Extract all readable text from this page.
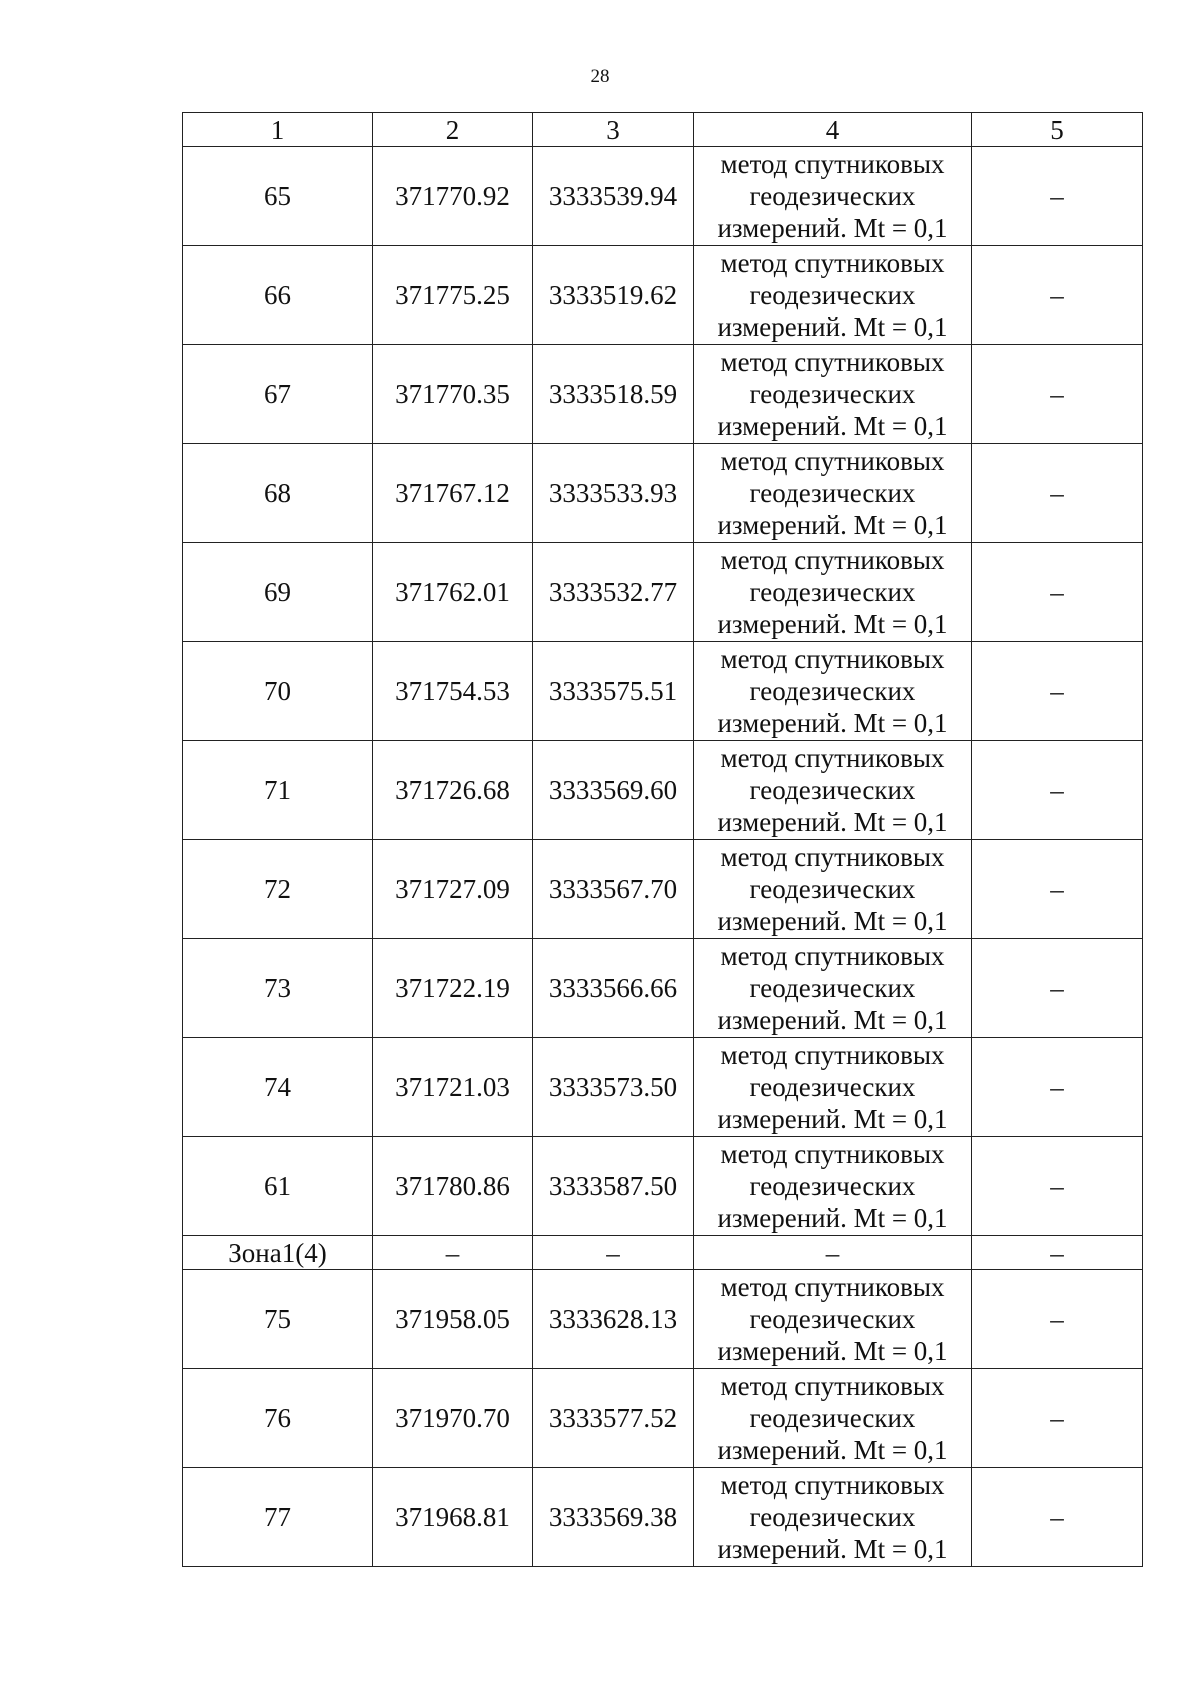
28
1	2	3	4	5
65	371770.92	3333539.94	метод спутниковых
геодезических
измерений. Mt = 0,1	–
66	371775.25	3333519.62	метод спутниковых
геодезических
измерений. Mt = 0,1	–
67	371770.35	3333518.59	метод спутниковых
геодезических
измерений. Mt = 0,1	–
68	371767.12	3333533.93	метод спутниковых
геодезических
измерений. Mt = 0,1	–
69	371762.01	3333532.77	метод спутниковых
геодезических
измерений. Mt = 0,1	–
70	371754.53	3333575.51	метод спутниковых
геодезических
измерений. Mt = 0,1	–
71	371726.68	3333569.60	метод спутниковых
геодезических
измерений. Mt = 0,1	–
72	371727.09	3333567.70	метод спутниковых
геодезических
измерений. Mt = 0,1	–
73	371722.19	3333566.66	метод спутниковых
геодезических
измерений. Mt = 0,1	–
74	371721.03	3333573.50	метод спутниковых
геодезических
измерений. Mt = 0,1	–
61	371780.86	3333587.50	метод спутниковых
геодезических
измерений. Mt = 0,1	–
Зона1(4)	–	–	–	–
75	371958.05	3333628.13	метод спутниковых
геодезических
измерений. Mt = 0,1	–
76	371970.70	3333577.52	метод спутниковых
геодезических
измерений. Mt = 0,1	–
77	371968.81	3333569.38	метод спутниковых
геодезических
измерений. Mt = 0,1	–
